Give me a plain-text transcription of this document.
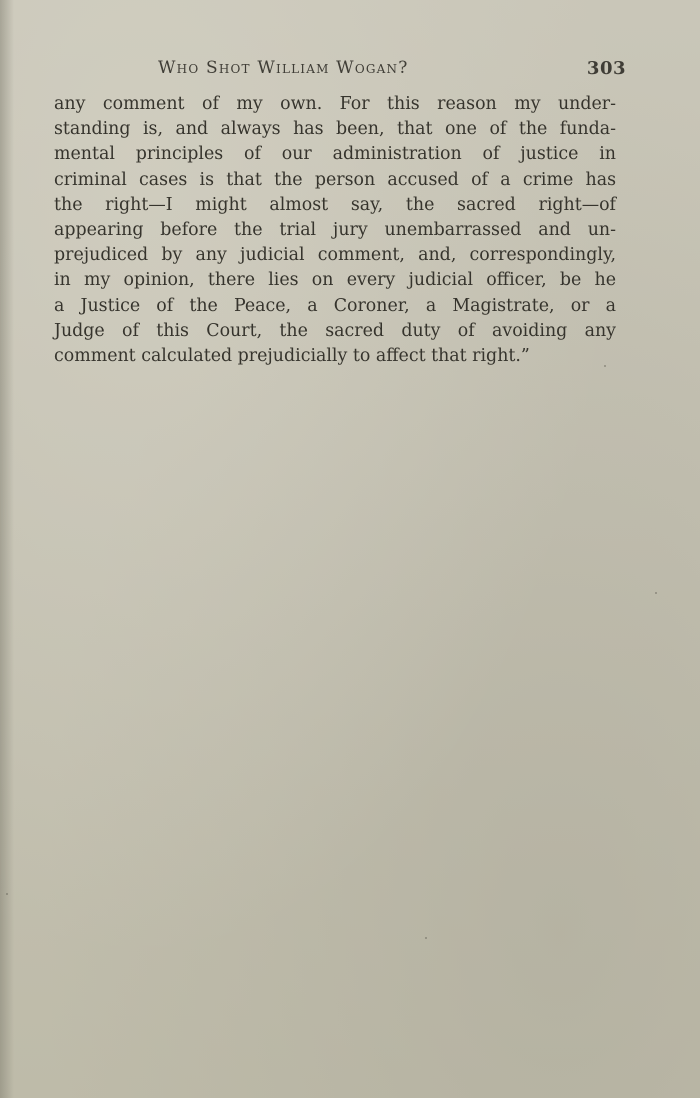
Who Shot William Wogan?	303
any comment of my own. For this reason my under-
standing is, and always has been, that one of the funda-
mental principles of our administration of justice in
criminal cases is that the person accused of a crime has
the right—I might almost say, the sacred right—of
appearing before the trial jury unembarrassed and un-
prejudiced by any judicial comment, and, correspondingly,
in my opinion, there lies on every judicial officer, be he
a Justice of the Peace, a Coroner, a Magistrate, or a
Judge of this Court, the sacred duty of avoiding any
comment calculated prejudicially to affect that right.”
